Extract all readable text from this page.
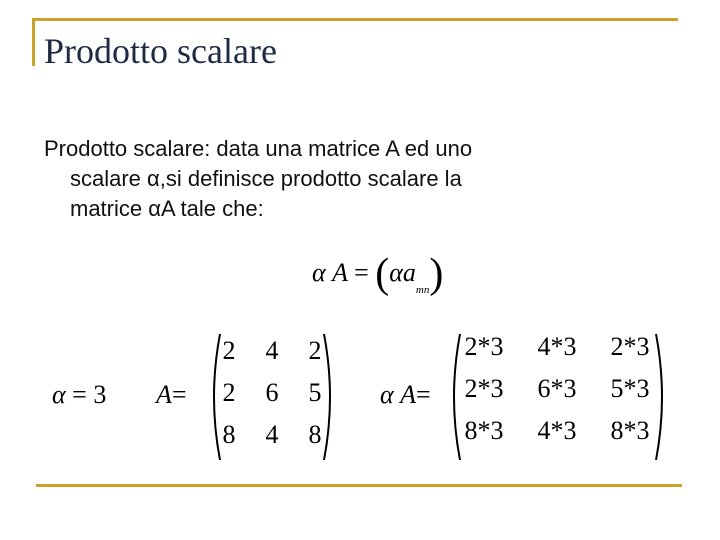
Prodotto scalare
Prodotto scalare: data una matrice A ed uno
scalare α,si definisce prodotto scalare la
matrice αA tale che:
α $A = (\alpha a_{mn})$
α = 3 A=
2	4	2
2	6	5
8	4	8
α A=
2*3	4*3	2*3
2*3	6*3	5*3
8*3	4*3	8*3
